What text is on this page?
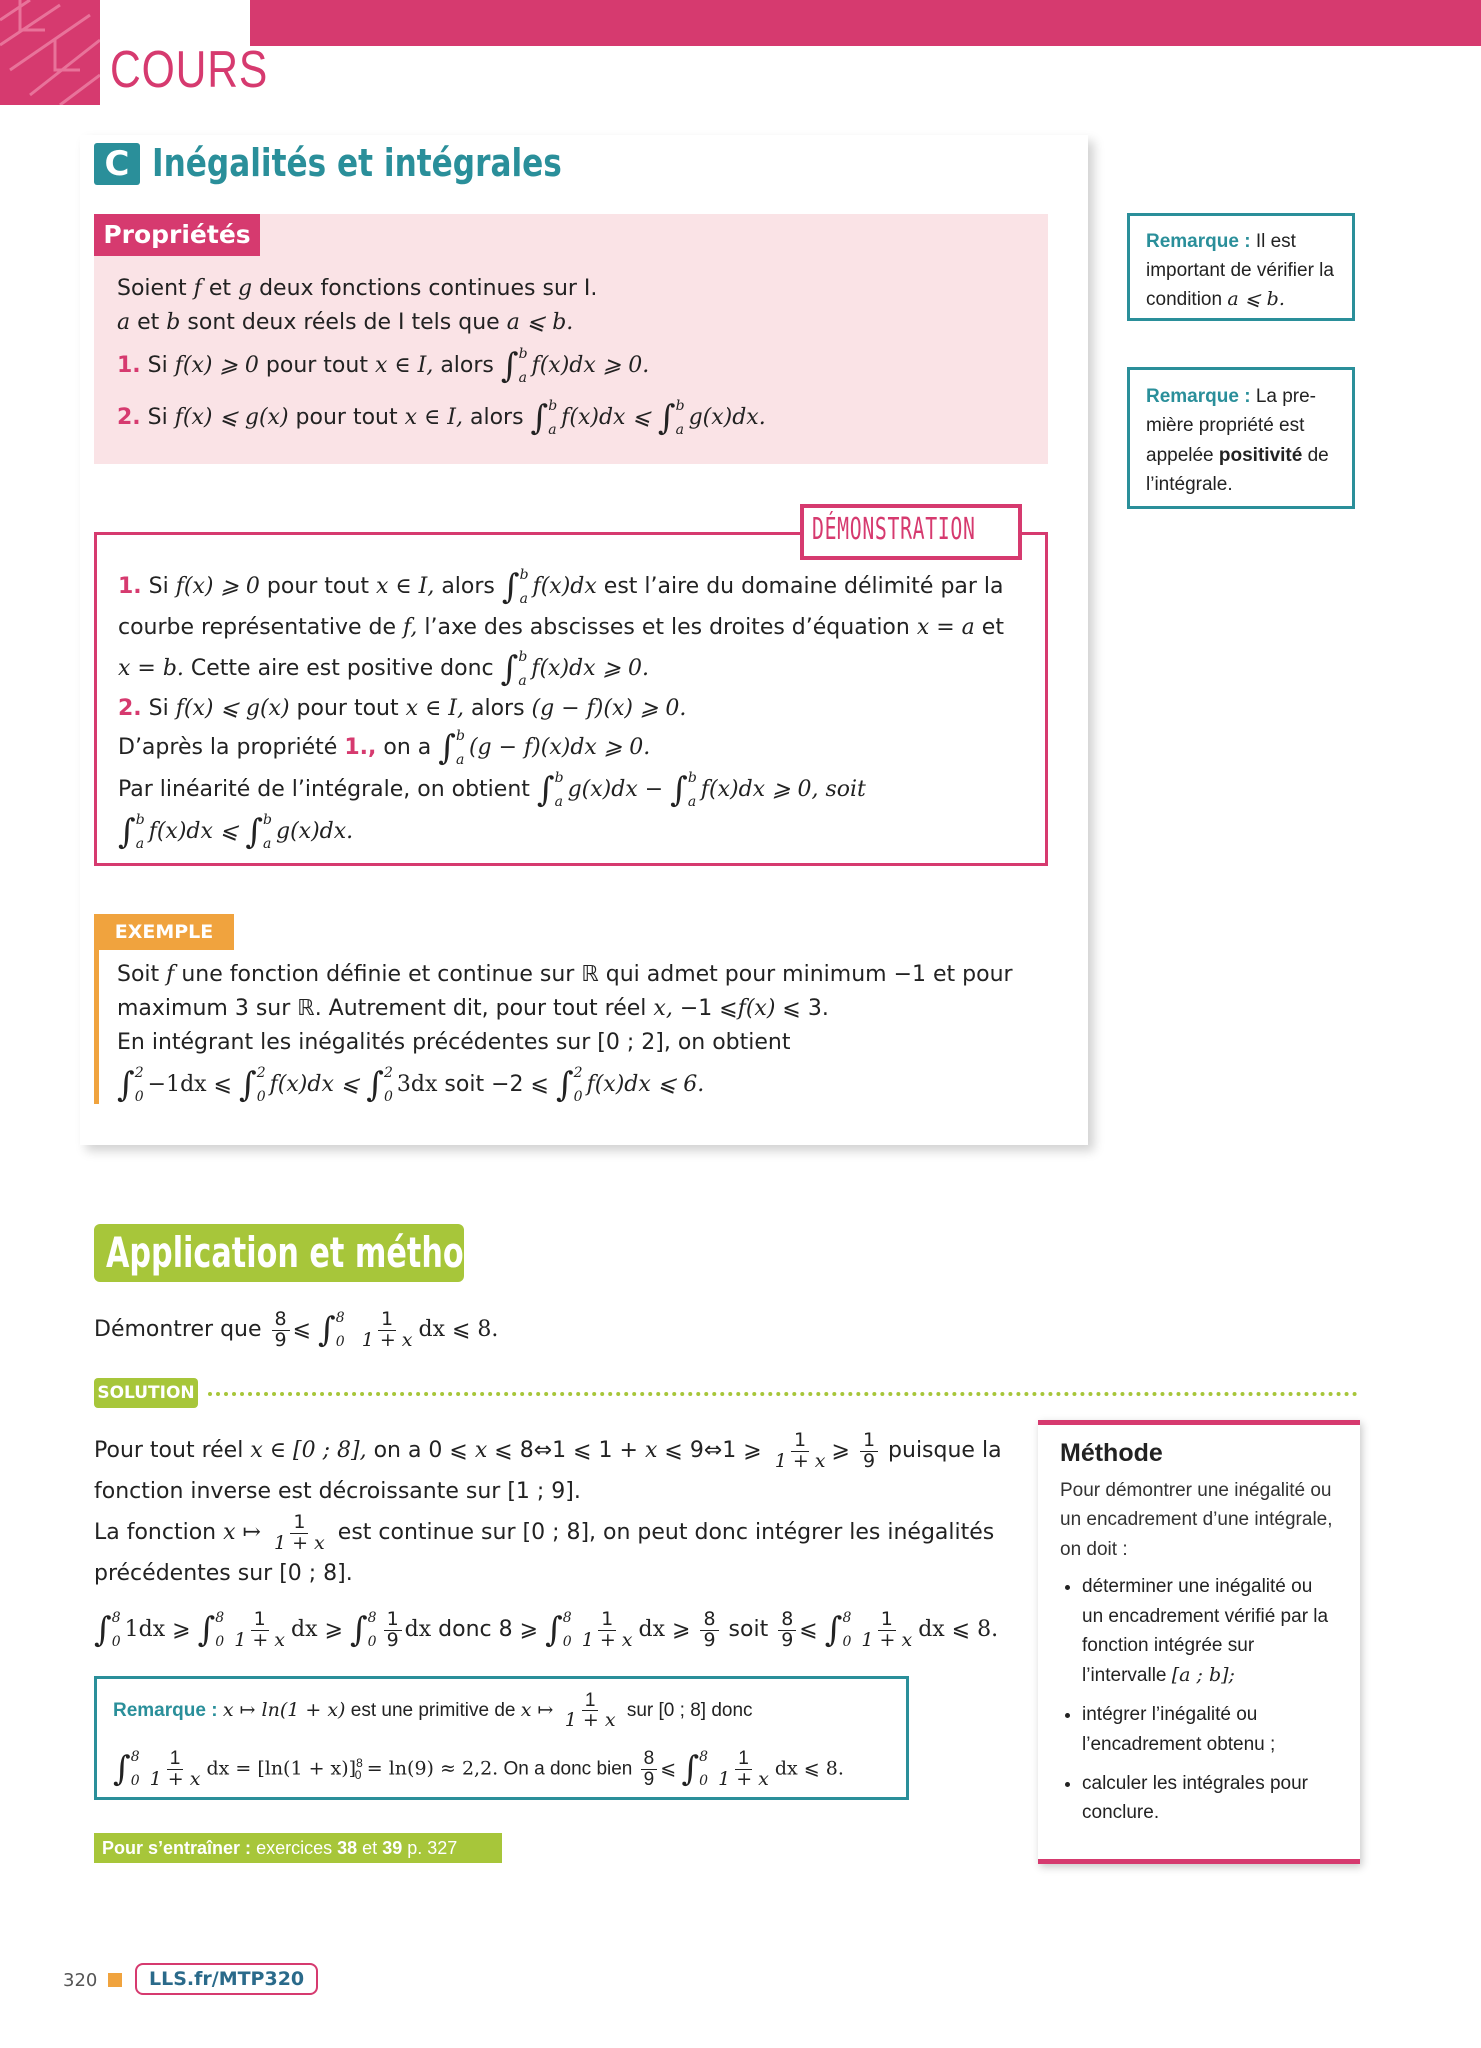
COURS
C Inégalités et intégrales
Propriétés
Soient f et g deux fonctions continues sur I.
a et b sont deux réels de I tels que a ⩽ b.
1. Si f(x) ⩾ 0 pour tout x ∈ I, alors ∫ b
a f(x)dx ⩾ 0.
2. Si f(x) ⩽ g(x) pour tout x ∈ I, alors ∫ b
a f(x)dx ⩽ ∫ b
a g(x)dx.
Remarque : Il est important de vérifier la condition a ⩽ b.
Remarque : La pre-mière propriété est appelée positivité de l’intégrale.
DÉMONSTRATION
1. Si f(x) ⩾ 0 pour tout x ∈ I, alors ∫ b
a f(x)dx est l’aire du domaine délimité par la
courbe représentative de f, l’axe des abscisses et les droites d’équation x = a et
x = b. Cette aire est positive donc ∫ b
a f(x)dx ⩾ 0.
2. Si f(x) ⩽ g(x) pour tout x ∈ I, alors (g − f)(x) ⩾ 0.
D’après la propriété 1., on a ∫ b
a (g − f)(x)dx ⩾ 0.
Par linéarité de l’intégrale, on obtient ∫ b
a g(x)dx − ∫ b
a f(x)dx ⩾ 0, soit
∫ b
a f(x)dx ⩽ ∫ b
a g(x)dx.
EXEMPLE
Soit f une fonction définie et continue sur ℝ qui admet pour minimum −1 et pour
maximum 3 sur ℝ. Autrement dit, pour tout réel x, −1 ⩽f(x) ⩽ 3.
En intégrant les inégalités précédentes sur [0 ; 2], on obtient
∫ 2
0 −1dx ⩽ ∫ 2
0 f(x)dx ⩽ ∫ 2
0 3dx soit −2 ⩽ ∫ 2
0 f(x)dx ⩽ 6.
Application et méthode - 5
Démontrer que $\frac{8}{9}$ ⩽ ∫ 8
0
$\frac{1}{1 + x}$ dx ⩽ 8.
SOLUTION
Pour tout réel x ∈ [0 ; 8], on a 0 ⩽ x ⩽ 8⇔1 ⩽ 1 + x ⩽ 9⇔1 ⩾ $\frac{1}{1 + x}$ ⩾ $\frac{1}{9}$ puisque la
fonction inverse est décroissante sur [1 ; 9].
La fonction x ↦ $\frac{1}{1 + x}$ est continue sur [0 ; 8], on peut donc intégrer les inégalités
précédentes sur [0 ; 8].
∫ 8
0 1dx ⩾ ∫ 8
$0 \frac{1}{1 + x}$ dx ⩾ ∫ 8
$0 \frac{1}{9}$ dx donc 8 ⩾ ∫ 8
$0 \frac{1}{1 + x}$ dx ⩾ $\frac{8}{9}$ soit $\frac{8}{9}$ ⩽ ∫ 8
$0 \frac{1}{1 + x}$ dx ⩽ 8.
Remarque : x ↦ ln(1 + x) est une primitive de x ↦ $\frac{1}{1 + x}$ sur [0 ; 8] donc
∫ 8
$0 \frac{1}{1 + x}$ dx = $[\ln(1 + x)]^8_0 = \ln(9) \approx 2,2$. On a donc bien $\frac{8}{9}$ ⩽ ∫ 8
$0 \frac{1}{1 + x}$ dx ⩽ 8.
Pour s’entraîner : exercices 38 et 39 p. 327
Méthode
Pour démontrer une inégalité ou un encadrement d’une intégrale, on doit :
• déterminer une inégalité ou un encadrement vérifié par la fonction intégrée sur l’intervalle [a ; b];
• intégrer l’inégalité ou l’encadrement obtenu ;
• calculer les intégrales pour conclure.
320	LLS.fr/MTP320
